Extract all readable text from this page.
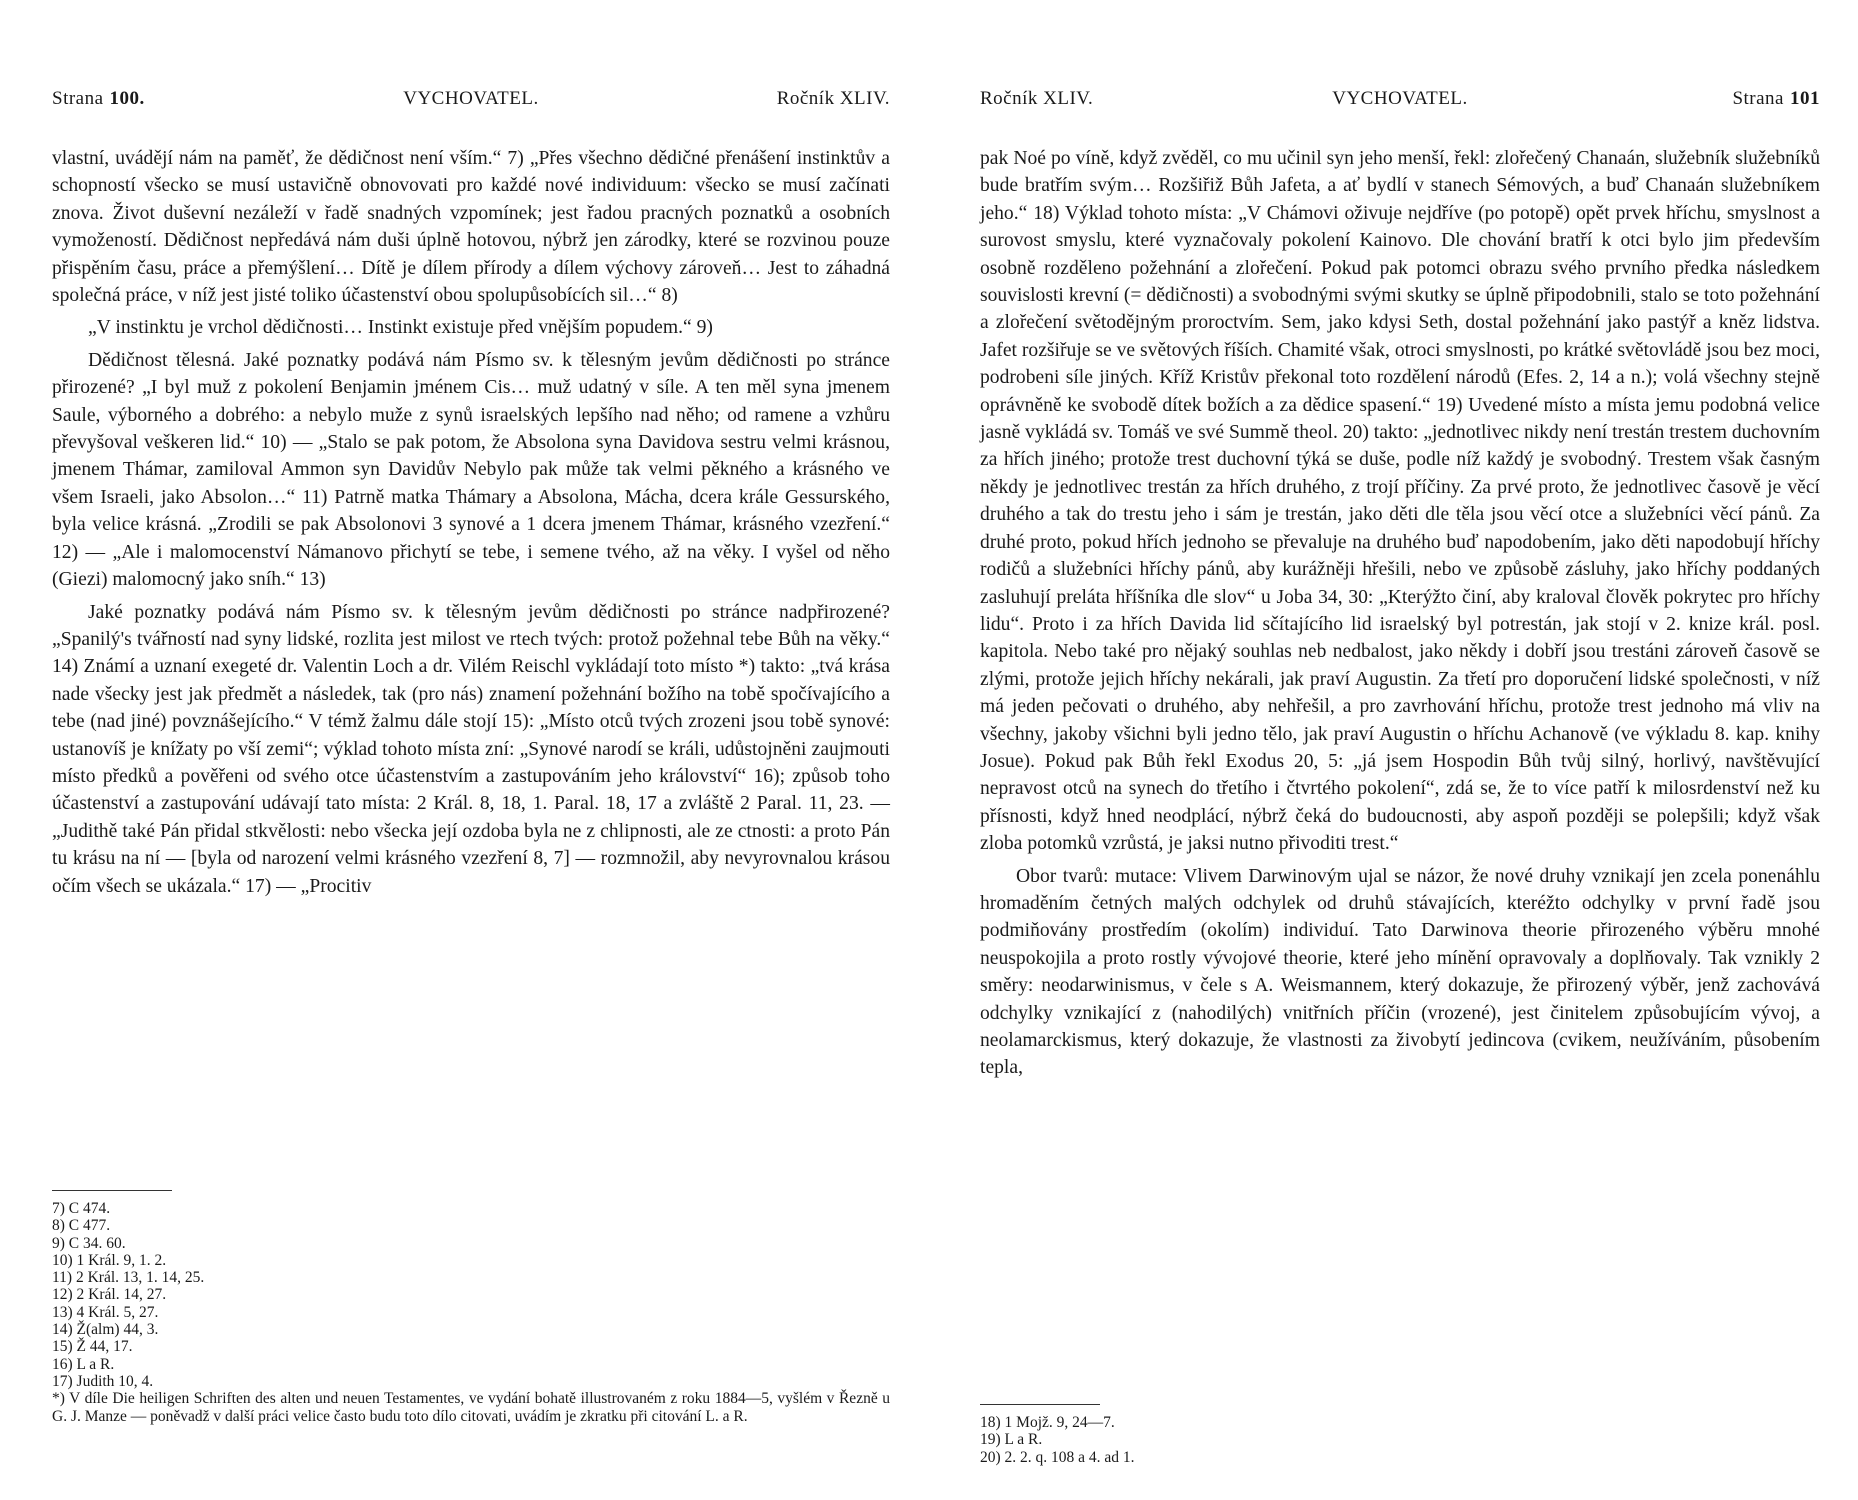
Strana 100.	VYCHOVATEL.	Ročník XLIV.

vlastní, uvádějí nám na paměť, že dědičnost není vším.“ 7) „Přes všechno dědičné přenášení instinktův a schopností všecko se musí ustavičně obnovovati pro každé nové individuum: všecko se musí začínati znova. Život duševní nezáleží v řadě snadných vzpomínek; jest řadou pracných poznatků a osobních vymožeností. Dědičnost nepředává nám duši úplně hotovou, nýbrž jen zárodky, které se rozvinou pouze přispěním času, práce a přemýšlení… Dítě je dílem přírody a dílem výchovy zároveň… Jest to záhadná společná práce, v níž jest jisté toliko účastenství obou spolupůsobících sil…“ 8)

„V instinktu je vrchol dědičnosti… Instinkt existuje před vnějším popudem.“ 9)

Dědičnost tělesná. Jaké poznatky podává nám Písmo sv. k tělesným jevům dědičnosti po stránce přirozené? „I byl muž z pokolení Benjamin jménem Cis… muž udatný v síle. A ten měl syna jmenem Saule, výborného a dobrého: a nebylo muže z synů israelských lepšího nad něho; od ramene a vzhůru převyšoval veškeren lid.“ 10) — „Stalo se pak potom, že Absolona syna Davidova sestru velmi krásnou, jmenem Thámar, zamiloval Ammon syn Davidův Nebylo pak může tak velmi pěkného a krásného ve všem Israeli, jako Absolon…“ 11) Patrně matka Thámary a Absolona, Mácha, dcera krále Gessurského, byla velice krásná. „Zrodili se pak Absolonovi 3 synové a 1 dcera jmenem Thámar, krásného vzezření.“ 12) — „Ale i malomocenství Námanovo přichytí se tebe, i semene tvého, až na věky. I vyšel od něho (Giezi) malomocný jako sníh.“ 13)

Jaké poznatky podává nám Písmo sv. k tělesným jevům dědičnosti po stránce nadpřirozené? „Spanilý's tvářností nad syny lidské, rozlita jest milost ve rtech tvých: protož požehnal tebe Bůh na věky.“ 14) Známí a uznaní exegeté dr. Valentin Loch a dr. Vilém Reischl vykládají toto místo *) takto: „tvá krása nade všecky jest jak předmět a následek, tak (pro nás) znamení požehnání božího na tobě spočívajícího a tebe (nad jiné) povznášejícího.“ V témž žalmu dále stojí 15): „Místo otců tvých zrozeni jsou tobě synové: ustanovíš je knížaty po vší zemi“; výklad tohoto místa zní: „Synové narodí se králi, udůstojněni zaujmouti místo předků a pověřeni od svého otce účastenstvím a zastupováním jeho království“ 16); způsob toho účastenství a zastupování udávají tato místa: 2 Král. 8, 18, 1. Paral. 18, 17 a zvláště 2 Paral. 11, 23. — „Judithě také Pán přidal stkvělosti: nebo všecka její ozdoba byla ne z chlipnosti, ale ze ctnosti: a proto Pán tu krásu na ní — [byla od narození velmi krásného vzezření 8, 7] — rozmnožil, aby nevyrovnalou krásou očím všech se ukázala.“ 17) — „Procitiv

7) C 474.

8) C 477.

9) C 34. 60.

10) 1 Král. 9, 1. 2.

11) 2 Král. 13, 1. 14, 25.

12) 2 Král. 14, 27.

13) 4 Král. 5, 27.

14) Ž(alm) 44, 3.

15) Ž 44, 17.

16) L a R.

17) Judith 10, 4.

*) V díle Die heiligen Schriften des alten und neuen Testamentes, ve vydání bohatě illustrovaném z roku 1884—5, vyšlém v Řezně u G. J. Manze — poněvadž v další práci velice často budu toto dílo citovati, uvádím je zkratku při citování L. a R.

Ročník XLIV.	VYCHOVATEL.	Strana 101

pak Noé po víně, když zvěděl, co mu učinil syn jeho menší, řekl: zlořečený Chanaán, služebník služebníků bude bratřím svým… Rozšiřiž Bůh Jafeta, a ať bydlí v stanech Sémových, a buď Chanaán služebníkem jeho.“ 18) Výklad tohoto místa: „V Chámovi oživuje nejdříve (po potopě) opět prvek hříchu, smyslnost a surovost smyslu, které vyznačovaly pokolení Kainovo. Dle chování bratří k otci bylo jim především osobně rozděleno požehnání a zlořečení. Pokud pak potomci obrazu svého prvního předka následkem souvislosti krevní (= dědičnosti) a svobodnými svými skutky se úplně připodobnili, stalo se toto požehnání a zlořečení světodějným proroctvím. Sem, jako kdysi Seth, dostal požehnání jako pastýř a kněz lidstva. Jafet rozšiřuje se ve světových říších. Chamité však, otroci smyslnosti, po krátké světovládě jsou bez moci, podrobeni síle jiných. Kříž Kristův překonal toto rozdělení národů (Efes. 2, 14 a n.); volá všechny stejně oprávněně ke svobodě dítek božích a za dědice spasení.“ 19) Uvedené místo a místa jemu podobná velice jasně vykládá sv. Tomáš ve své Summě theol. 20) takto: „jednotlivec nikdy není trestán trestem duchovním za hřích jiného; protože trest duchovní týká se duše, podle níž každý je svobodný. Trestem však časným někdy je jednotlivec trestán za hřích druhého, z trojí příčiny. Za prvé proto, že jednotlivec časově je věcí druhého a tak do trestu jeho i sám je trestán, jako děti dle těla jsou věcí otce a služebníci věcí pánů. Za druhé proto, pokud hřích jednoho se převaluje na druhého buď napodobením, jako děti napodobují hříchy rodičů a služebníci hříchy pánů, aby kurážněji hřešili, nebo ve způsobě zásluhy, jako hříchy poddaných zasluhují preláta hříšníka dle slov“ u Joba 34, 30: „Kterýžto činí, aby kraloval člověk pokrytec pro hříchy lidu“. Proto i za hřích Davida lid sčítajícího lid israelský byl potrestán, jak stojí v 2. knize král. posl. kapitola. Nebo také pro nějaký souhlas neb nedbalost, jako někdy i dobří jsou trestáni zároveň časově se zlými, protože jejich hříchy nekárali, jak praví Augustin. Za třetí pro doporučení lidské společnosti, v níž má jeden pečovati o druhého, aby nehřešil, a pro zavrhování hříchu, protože trest jednoho má vliv na všechny, jakoby všichni byli jedno tělo, jak praví Augustin o hříchu Achanově (ve výkladu 8. kap. knihy Josue). Pokud pak Bůh řekl Exodus 20, 5: „já jsem Hospodin Bůh tvůj silný, horlivý, navštěvující nepravost otců na synech do třetího i čtvrtého pokolení“, zdá se, že to více patří k milosrdenství než ku přísnosti, když hned neodplácí, nýbrž čeká do budoucnosti, aby aspoň později se polepšili; když však zloba potomků vzrůstá, je jaksi nutno přivoditi trest.“

Obor tvarů: mutace: Vlivem Darwinovým ujal se názor, že nové druhy vznikají jen zcela ponenáhlu hromaděním četných malých odchylek od druhů stávajících, kteréžto odchylky v první řadě jsou podmiňovány prostředím (okolím) individuí. Tato Darwinova theorie přirozeného výběru mnohé neuspokojila a proto rostly vývojové theorie, které jeho mínění opravovaly a doplňovaly. Tak vznikly 2 směry: neodarwinismus, v čele s A. Weismannem, který dokazuje, že přirozený výběr, jenž zachovává odchylky vznikající z (nahodilých) vnitřních příčin (vrozené), jest činitelem způsobujícím vývoj, a neolamarckismus, který dokazuje, že vlastnosti za živobytí jedincova (cvikem, neužíváním, působením tepla,

18) 1 Mojž. 9, 24—7.

19) L a R.

20) 2. 2. q. 108 a 4. ad 1.
